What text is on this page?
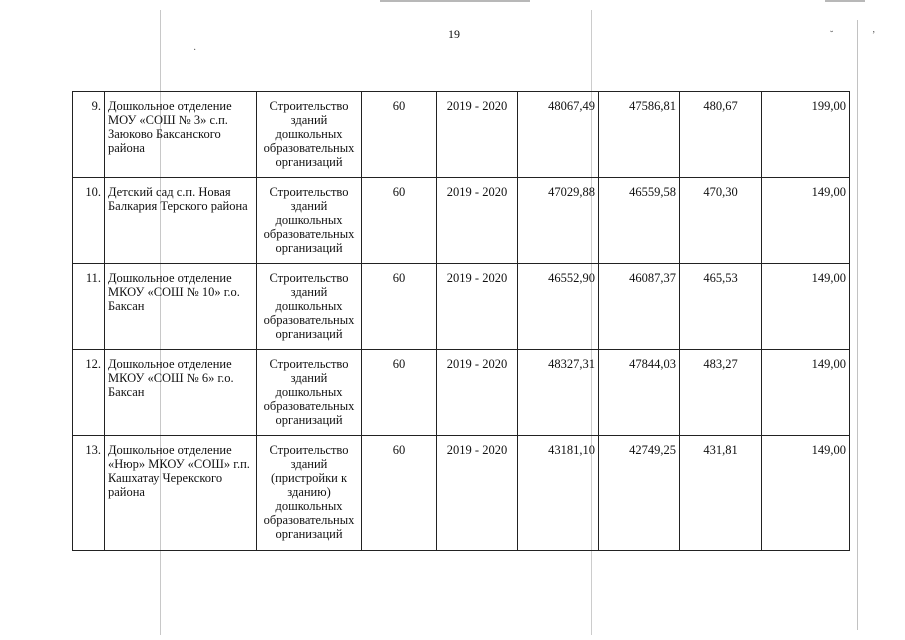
·
˘	’
19
9.	Дошкольное отделение МОУ «СОШ № 3» с.п. Заюково Баксанского района	Строительство зданий дошкольных образовательных организаций	60	2019 - 2020	48067,49	47586,81	480,67	199,00
10.	Детский сад с.п. Новая Балкария Терского района	Строительство зданий дошкольных образовательных организаций	60	2019 - 2020	47029,88	46559,58	470,30	149,00
11.	Дошкольное отделение МКОУ «СОШ № 10» г.о. Баксан	Строительство зданий дошкольных образовательных организаций	60	2019 - 2020	46552,90	46087,37	465,53	149,00
12.	Дошкольное отделение МКОУ «СОШ № 6» г.о. Баксан	Строительство зданий дошкольных образовательных организаций	60	2019 - 2020	48327,31	47844,03	483,27	149,00
13.	Дошкольное отделение «Нюр» МКОУ «СОШ» г.п. Кашхатау Черекского района	Строительство зданий (пристройки к зданию) дошкольных образовательных организаций	60	2019 - 2020	43181,10	42749,25	431,81	149,00
